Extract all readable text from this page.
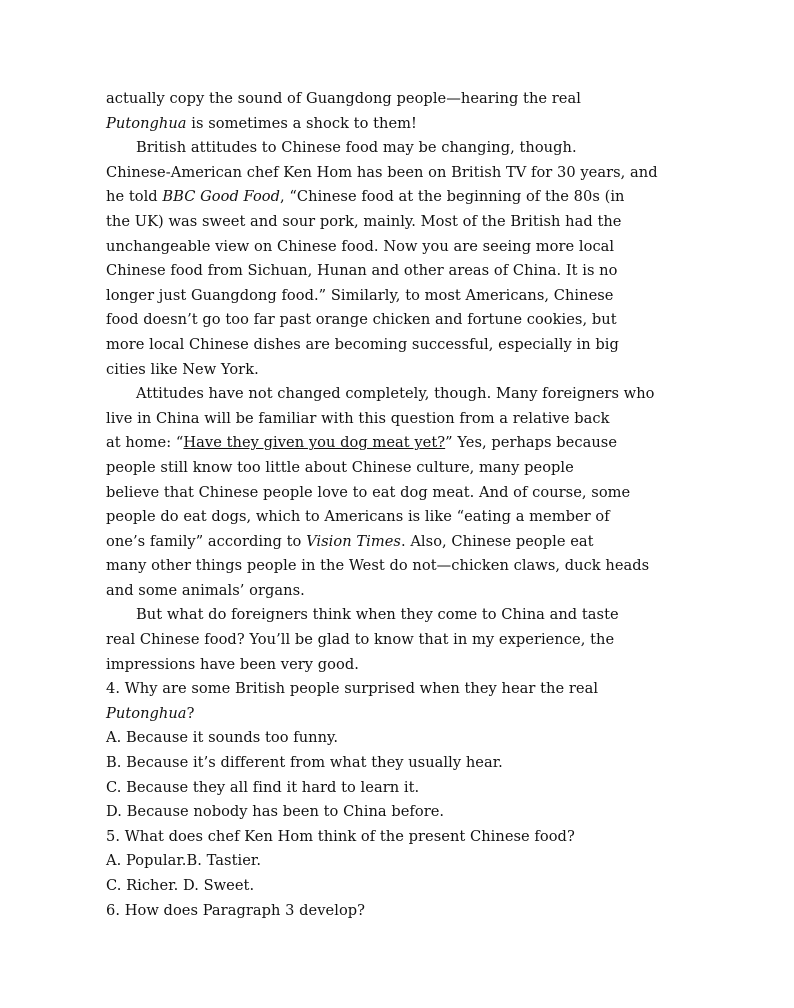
actually copy the sound of Guangdong people—hearing the real
Putonghua is sometimes a shock to them!
British attitudes to Chinese food may be changing, though.
Chinese-American chef Ken Hom has been on British TV for 30 years, and
he told BBC Good Food, “Chinese food at the beginning of the 80s (in
the UK) was sweet and sour pork, mainly. Most of the British had the
unchangeable view on Chinese food. Now you are seeing more local
Chinese food from Sichuan, Hunan and other areas of China. It is no
longer just Guangdong food.” Similarly, to most Americans, Chinese
food doesn’t go too far past orange chicken and fortune cookies, but
more local Chinese dishes are becoming successful, especially in big
cities like New York.
Attitudes have not changed completely, though. Many foreigners who
live in China will be familiar with this question from a relative back
at home: “Have they given you dog meat yet?” Yes, perhaps because
people still know too little about Chinese culture, many people
believe that Chinese people love to eat dog meat. And of course, some
people do eat dogs, which to Americans is like “eating a member of
one’s family” according to Vision Times. Also, Chinese people eat
many other things people in the West do not—chicken claws, duck heads
and some animals’ organs.
But what do foreigners think when they come to China and taste
real Chinese food? You’ll be glad to know that in my experience, the
impressions have been very good.
4. Why are some British people surprised when they hear the real
Putonghua?
A. Because it sounds too funny.
B. Because it’s different from what they usually hear.
C. Because they all find it hard to learn it.
D. Because nobody has been to China before.
5. What does chef Ken Hom think of the present Chinese food?
A. Popular.B. Tastier.
C. Richer. D. Sweet.
6. How does Paragraph 3 develop?
